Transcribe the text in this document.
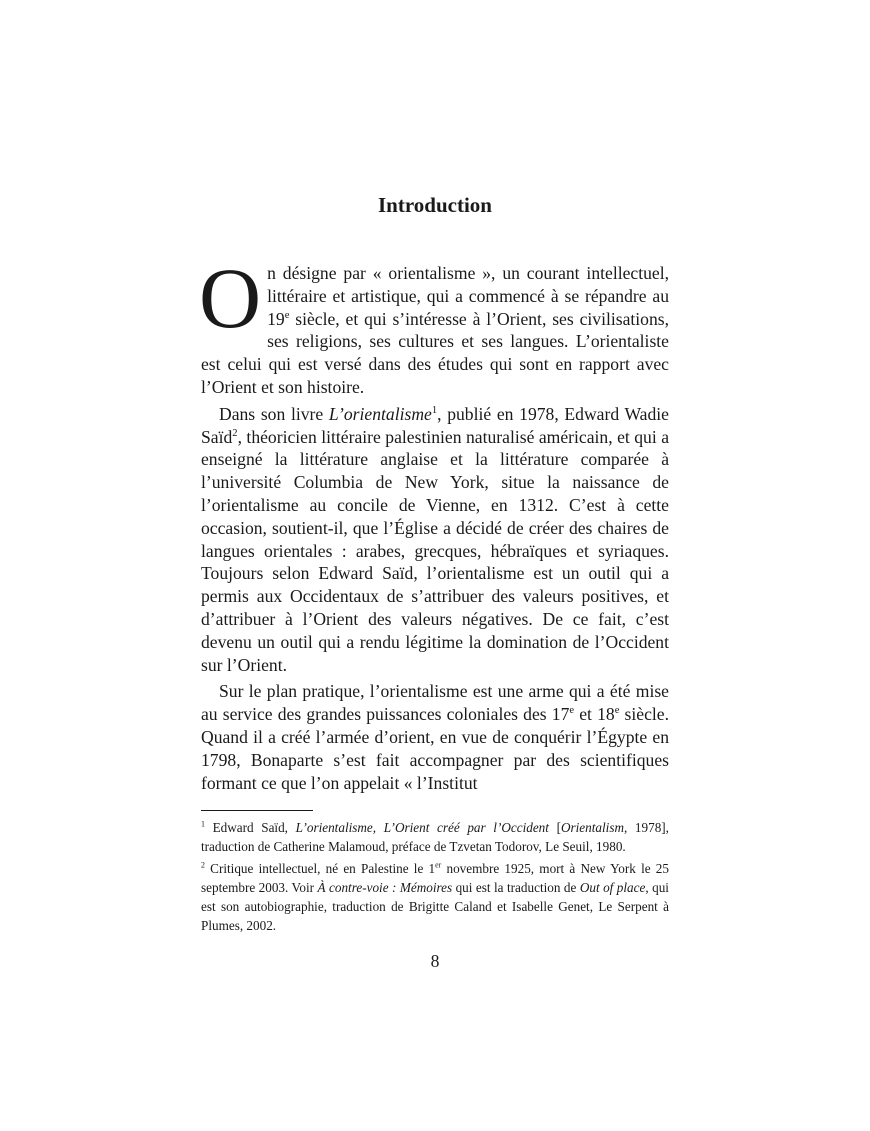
Introduction

On désigne par « orientalisme », un courant intellectuel, littéraire et artistique, qui a commencé à se répandre au 19e siècle, et qui s’intéresse à l’Orient, ses civilisations, ses religions, ses cultures et ses langues. L’orientaliste est celui qui est versé dans des études qui sont en rapport avec l’Orient et son histoire.

Dans son livre L’orientalisme$^1$, publié en 1978, Edward Wadie Saïd$^2$, théoricien littéraire palestinien naturalisé américain, et qui a enseigné la littérature anglaise et la littérature comparée à l’université Columbia de New York, situe la naissance de l’orientalisme au concile de Vienne, en 1312. C’est à cette occasion, soutient-il, que l’Église a décidé de créer des chaires de langues orientales : arabes, grecques, hébraïques et syriaques. Toujours selon Edward Saïd, l’orientalisme est un outil qui a permis aux Occidentaux de s’attribuer des valeurs positives, et d’attribuer à l’Orient des valeurs négatives. De ce fait, c’est devenu un outil qui a rendu légitime la domination de l’Occident sur l’Orient.

Sur le plan pratique, l’orientalisme est une arme qui a été mise au service des grandes puissances coloniales des 17e et 18e siècle. Quand il a créé l’armée d’orient, en vue de conquérir l’Égypte en 1798, Bonaparte s’est fait accompagner par des scientifiques formant ce que l’on appelait « l’Institut

$^1$ Edward Saïd, L’orientalisme, L’Orient créé par l’Occident [Orientalism, 1978], traduction de Catherine Malamoud, préface de Tzvetan Todorov, Le Seuil, 1980.

$^2$ Critique intellectuel, né en Palestine le 1er novembre 1925, mort à New York le 25 septembre 2003. Voir À contre-voie : Mémoires qui est la traduction de Out of place, qui est son autobiographie, traduction de Brigitte Caland et Isabelle Genet, Le Serpent à Plumes, 2002.

8
